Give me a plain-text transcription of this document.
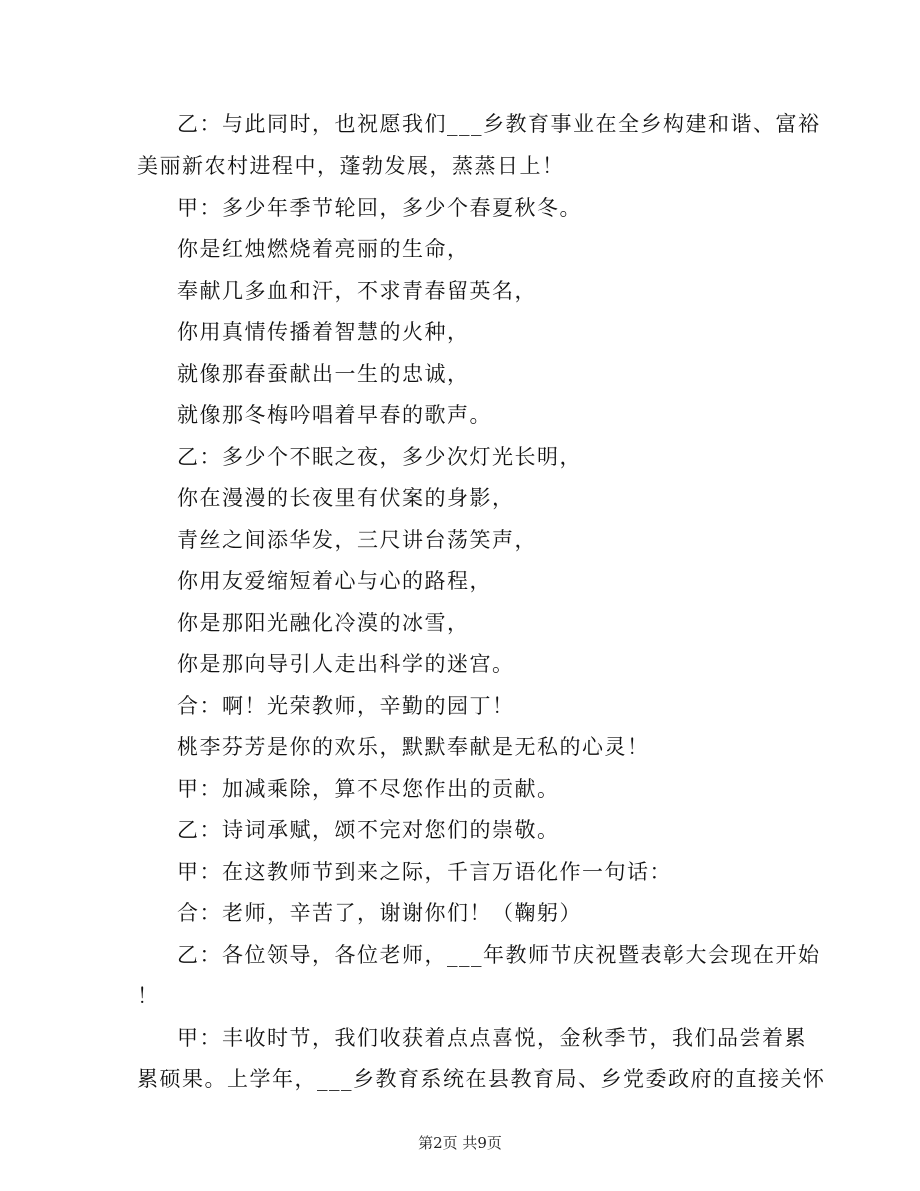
乙：与此同时，也祝愿我们___乡教育事业在全乡构建和谐、富裕
美丽新农村进程中，蓬勃发展，蒸蒸日上！
甲：多少年季节轮回，多少个春夏秋冬。
你是红烛燃烧着亮丽的生命，
奉献几多血和汗，不求青春留英名，
你用真情传播着智慧的火种，
就像那春蚕献出一生的忠诚，
就像那冬梅吟唱着早春的歌声。
乙：多少个不眠之夜，多少次灯光长明，
你在漫漫的长夜里有伏案的身影，
青丝之间添华发，三尺讲台荡笑声，
你用友爱缩短着心与心的路程，
你是那阳光融化冷漠的冰雪，
你是那向导引人走出科学的迷宫。
合：啊！光荣教师，辛勤的园丁！
桃李芬芳是你的欢乐，默默奉献是无私的心灵！
甲：加减乘除，算不尽您作出的贡献。
乙：诗词承赋，颂不完对您们的崇敬。
甲：在这教师节到来之际，千言万语化作一句话：
合：老师，辛苦了，谢谢你们！（鞠躬）
乙：各位领导，各位老师，___年教师节庆祝暨表彰大会现在开始
！
甲：丰收时节，我们收获着点点喜悦，金秋季节，我们品尝着累
累硕果。上学年，___乡教育系统在县教育局、乡党委政府的直接关怀
第2页 共9页
